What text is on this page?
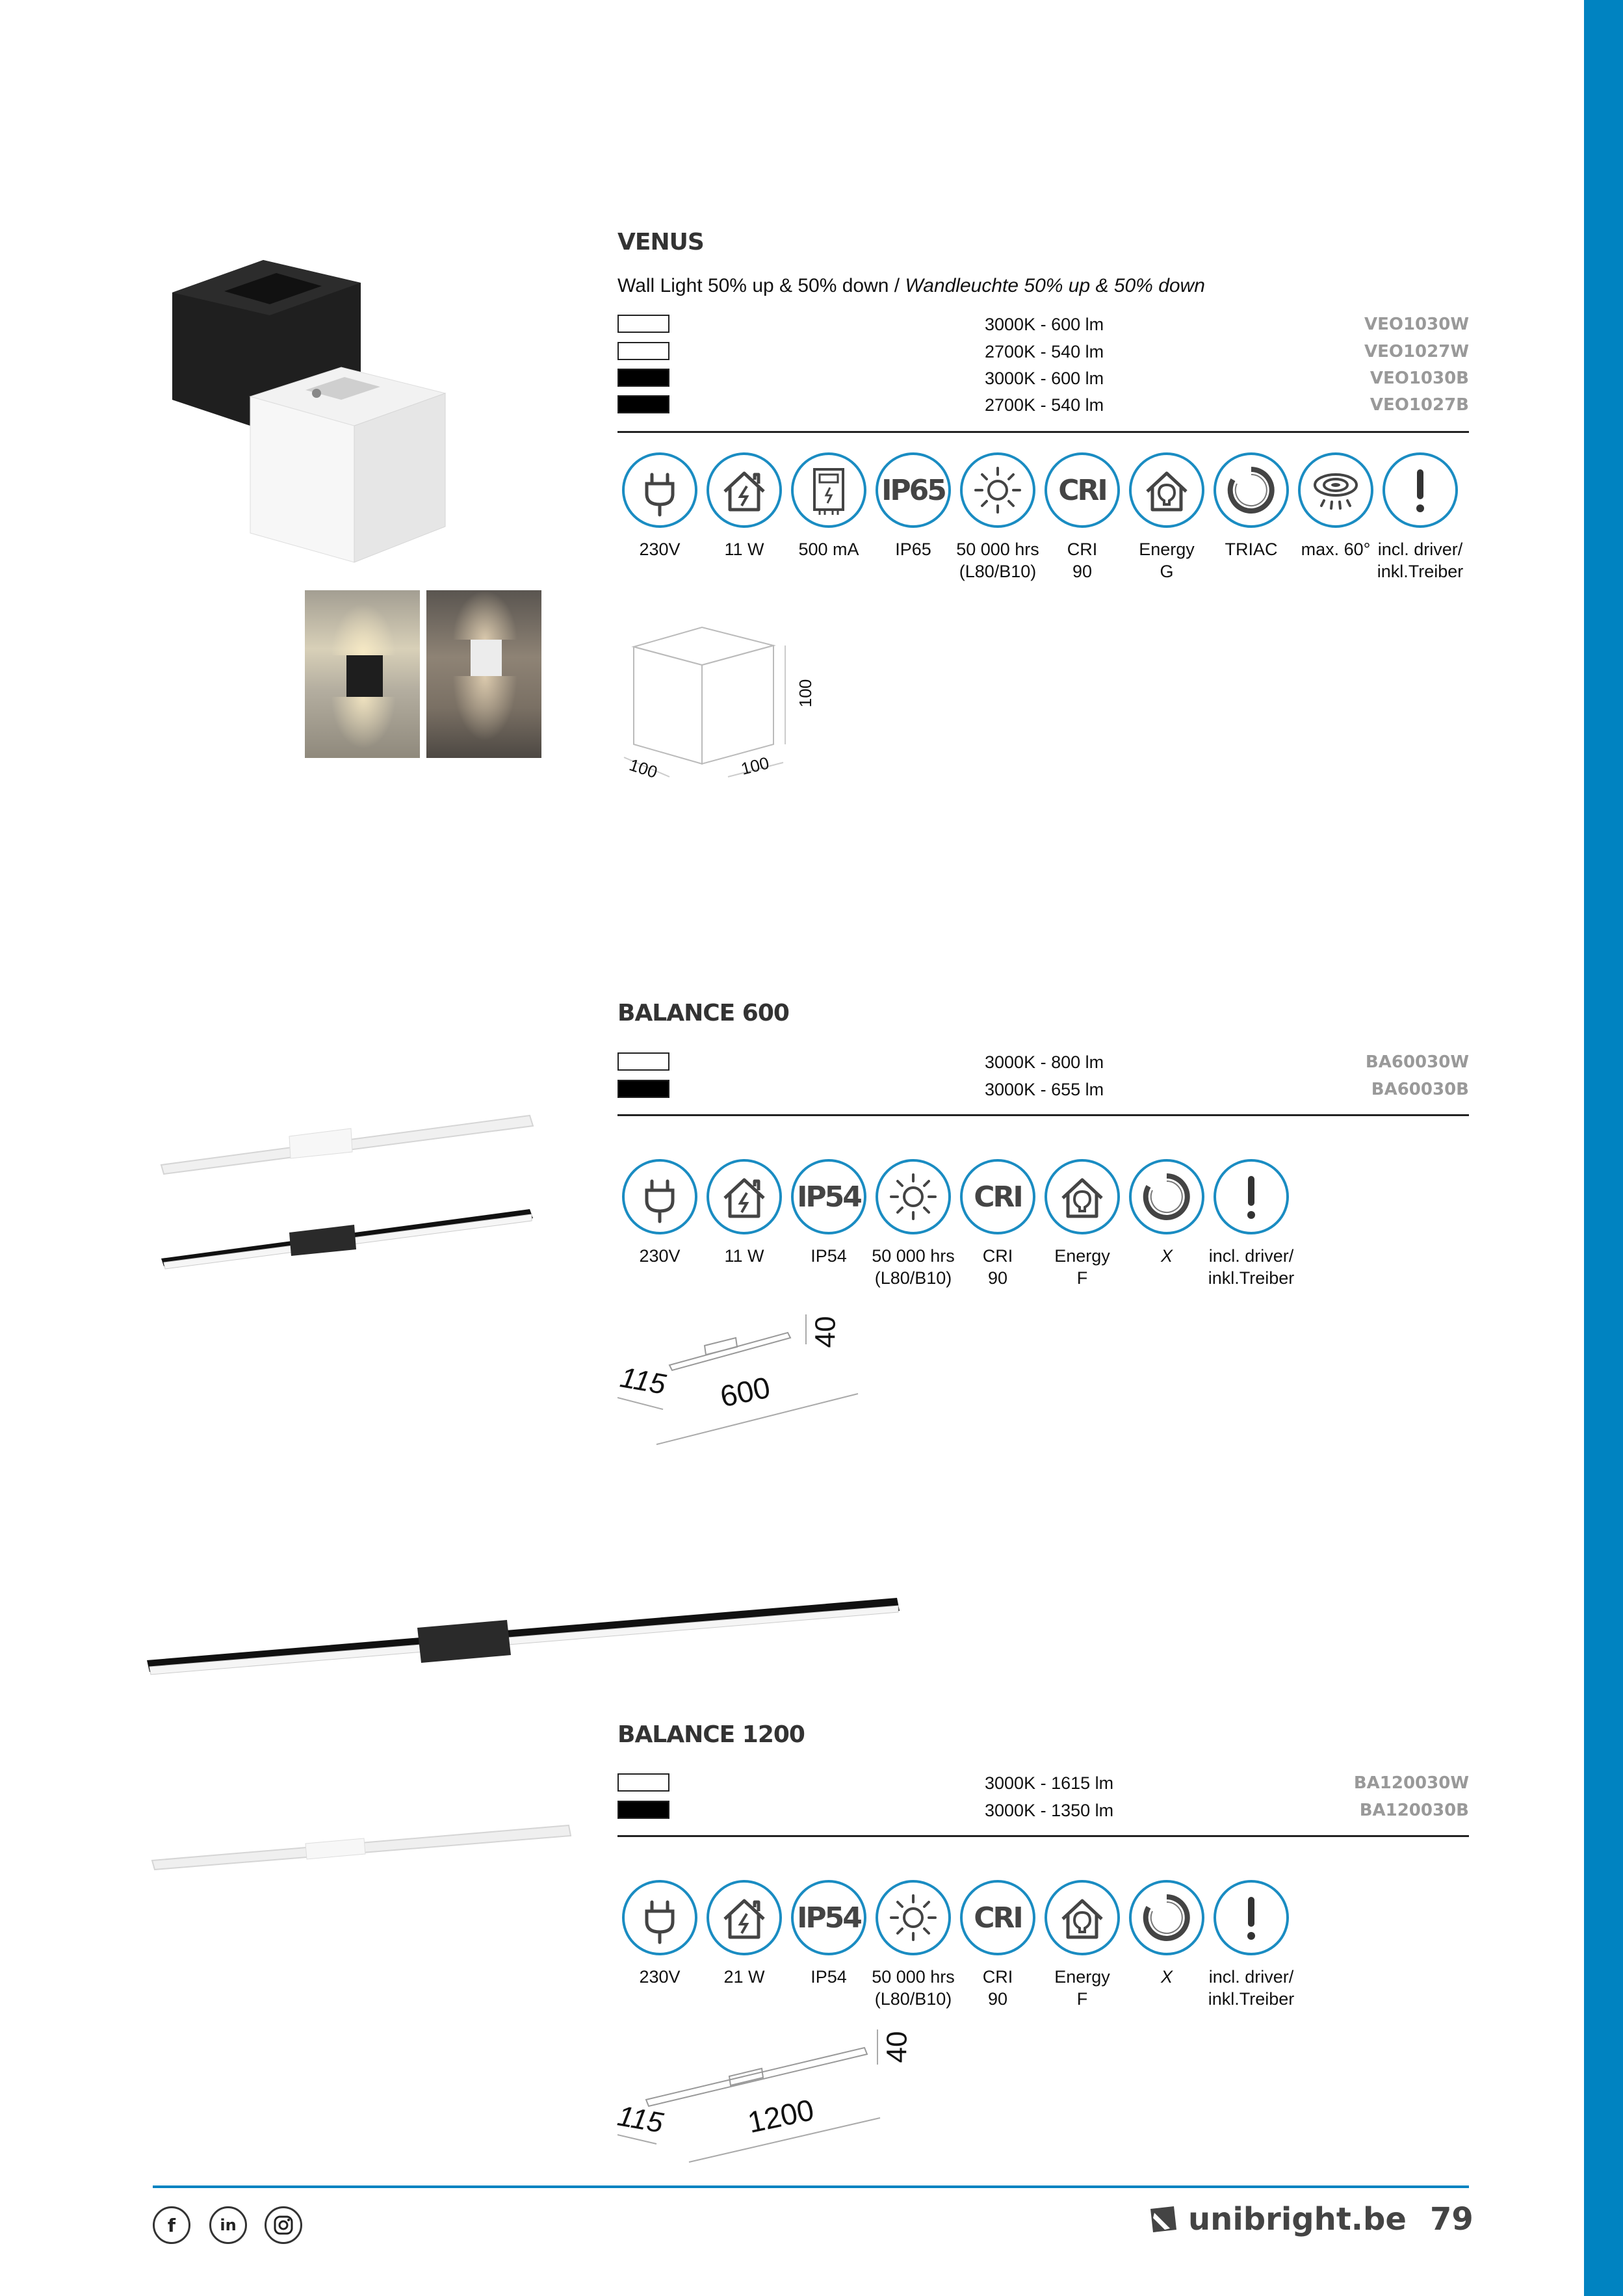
VENUS
Wall Light 50% up & 50% down / Wandleuchte 50% up & 50% down
3000K - 600 lm	VEO1030W
2700K - 540 lm	VEO1027W
3000K - 600 lm	VEO1030B
2700K - 540 lm	VEO1027B
230V	11 W 500 mA
IP65
IP65 50 000 hrs
(L80/B10)
CRI
CRI
90
Energy
G
TRIAC max. 60° incl. driver/
inkl.Treiber
100
100	100
BALANCE 600
3000K - 800 lm	BA60030W
3000K - 655 lm	BA60030B
230V	11 W
IP54
IP54 50 000 hrs
(L80/B10)
CRI
CRI
90
Energy
F
X incl. driver/
inkl.Treiber
40
115 600
BALANCE 1200
3000K - 1615 lm	BA120030W
3000K - 1350 lm	BA120030B
230V 21 W
IP54
IP54 50 000 hrs
(L80/B10)
CRI
CRI
90
Energy
F
X incl. driver/
inkl.Treiber
40
115	1200
f	in	unibright.be 79
